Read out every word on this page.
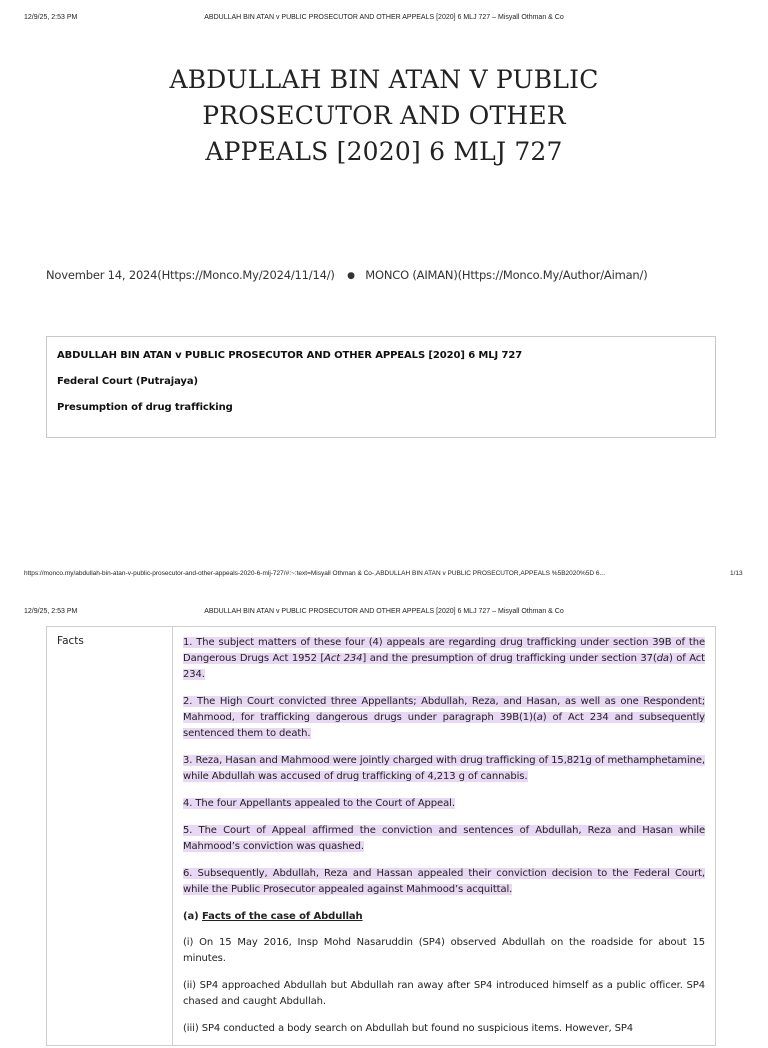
12/9/25, 2:53 PM	ABDULLAH BIN ATAN v PUBLIC PROSECUTOR AND OTHER APPEALS [2020] 6 MLJ 727 – Misyall Othman & Co
ABDULLAH BIN ATAN V PUBLIC
PROSECUTOR AND OTHER
APPEALS [2020] 6 MLJ 727
November 14, 2024(Https://Monco.My/2024/11/14/) ● MONCO (AIMAN)(Https://Monco.My/Author/Aiman/)
ABDULLAH BIN ATAN v PUBLIC PROSECUTOR AND OTHER APPEALS [2020] 6 MLJ 727
Federal Court (Putrajaya)
Presumption of drug trafficking
https://monco.my/abdullah-bin-atan-v-public-prosecutor-and-other-appeals-2020-6-mlj-727/#:~:text=Misyall Othman & Co-,ABDULLAH BIN ATAN v PUBLIC PROSECUTOR,APPEALS %5B2020%5D 6...	1/13
12/9/25, 2:53 PM	ABDULLAH BIN ATAN v PUBLIC PROSECUTOR AND OTHER APPEALS [2020] 6 MLJ 727 – Misyall Othman & Co
Facts	1. The subject matters of these four (4) appeals are regarding drug trafficking under section 39B of the Dangerous Drugs Act 1952 [Act 234] and the presumption of drug trafficking under section 37(da) of Act 234.

2. The High Court convicted three Appellants; Abdullah, Reza, and Hasan, as well as one Respondent; Mahmood, for trafficking dangerous drugs under paragraph 39B(1)(a) of Act 234 and subsequently sentenced them to death.

3. Reza, Hasan and Mahmood were jointly charged with drug trafficking of 15,821g of methamphetamine, while Abdullah was accused of drug trafficking of 4,213 g of cannabis.

4. The four Appellants appealed to the Court of Appeal.

5. The Court of Appeal affirmed the conviction and sentences of Abdullah, Reza and Hasan while Mahmood’s conviction was quashed.

6. Subsequently, Abdullah, Reza and Hassan appealed their conviction decision to the Federal Court, while the Public Prosecutor appealed against Mahmood’s acquittal.

(a) Facts of the case of Abdullah

(i) On 15 May 2016, Insp Mohd Nasaruddin (SP4) observed Abdullah on the roadside for about 15 minutes.

(ii) SP4 approached Abdullah but Abdullah ran away after SP4 introduced himself as a public officer. SP4 chased and caught Abdullah.

(iii) SP4 conducted a body search on Abdullah but found no suspicious items. However, SP4
